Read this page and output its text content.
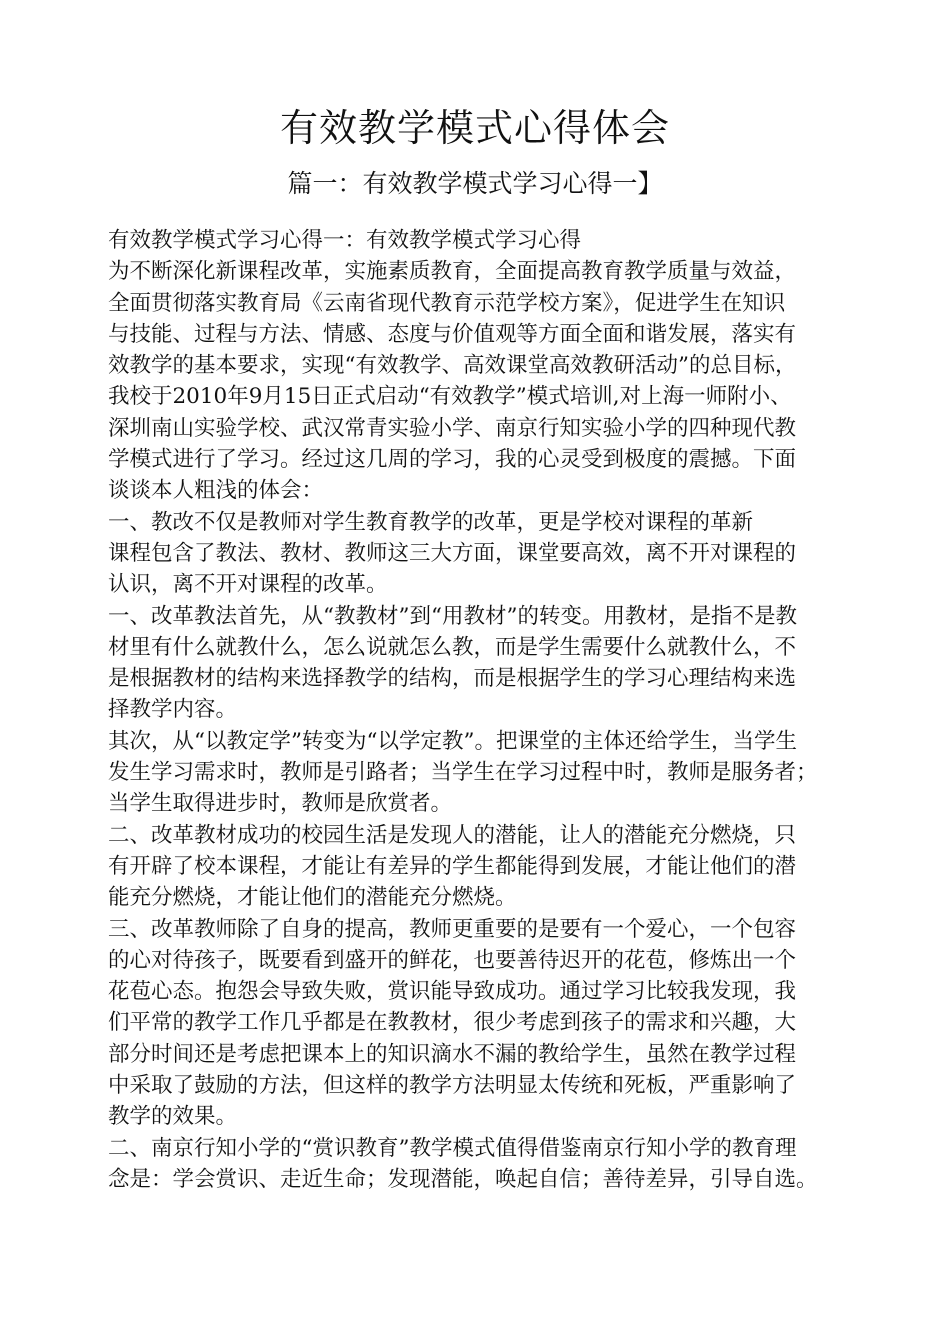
有效教学模式心得体会
篇一：有效教学模式学习心得一】
有效教学模式学习心得一：有效教学模式学习心得
为不断深化新课程改革，实施素质教育，全面提高教育教学质量与效益，
全面贯彻落实教育局《云南省现代教育示范学校方案》，促进学生在知识
与技能、过程与方法、情感、态度与价值观等方面全面和谐发展，落实有
效教学的基本要求，实现“有效教学、高效课堂高效教研活动”的总目标，
我校于2010年9月15日正式启动“有效教学”模式培训,对上海一师附小、
深圳南山实验学校、武汉常青实验小学、南京行知实验小学的四种现代教
学模式进行了学习。经过这几周的学习，我的心灵受到极度的震撼。下面
谈谈本人粗浅的体会：
一、教改不仅是教师对学生教育教学的改革，更是学校对课程的革新
课程包含了教法、教材、教师这三大方面，课堂要高效，离不开对课程的
认识，离不开对课程的改革。
一、改革教法首先，从“教教材”到“用教材”的转变。用教材，是指不是教
材里有什么就教什么，怎么说就怎么教，而是学生需要什么就教什么，不
是根据教材的结构来选择教学的结构，而是根据学生的学习心理结构来选
择教学内容。
其次，从“以教定学”转变为“以学定教”。把课堂的主体还给学生，当学生
发生学习需求时，教师是引路者；当学生在学习过程中时，教师是服务者；
当学生取得进步时，教师是欣赏者。
二、改革教材成功的校园生活是发现人的潜能，让人的潜能充分燃烧，只
有开辟了校本课程，才能让有差异的学生都能得到发展，才能让他们的潜
能充分燃烧，才能让他们的潜能充分燃烧。
三、改革教师除了自身的提高，教师更重要的是要有一个爱心，一个包容
的心对待孩子，既要看到盛开的鲜花，也要善待迟开的花苞，修炼出一个
花苞心态。抱怨会导致失败，赏识能导致成功。通过学习比较我发现，我
们平常的教学工作几乎都是在教教材，很少考虑到孩子的需求和兴趣，大
部分时间还是考虑把课本上的知识滴水不漏的教给学生，虽然在教学过程
中采取了鼓励的方法，但这样的教学方法明显太传统和死板，严重影响了
教学的效果。
二、南京行知小学的“赏识教育”教学模式值得借鉴南京行知小学的教育理
念是：学会赏识、走近生命；发现潜能，唤起自信；善待差异，引导自选。
